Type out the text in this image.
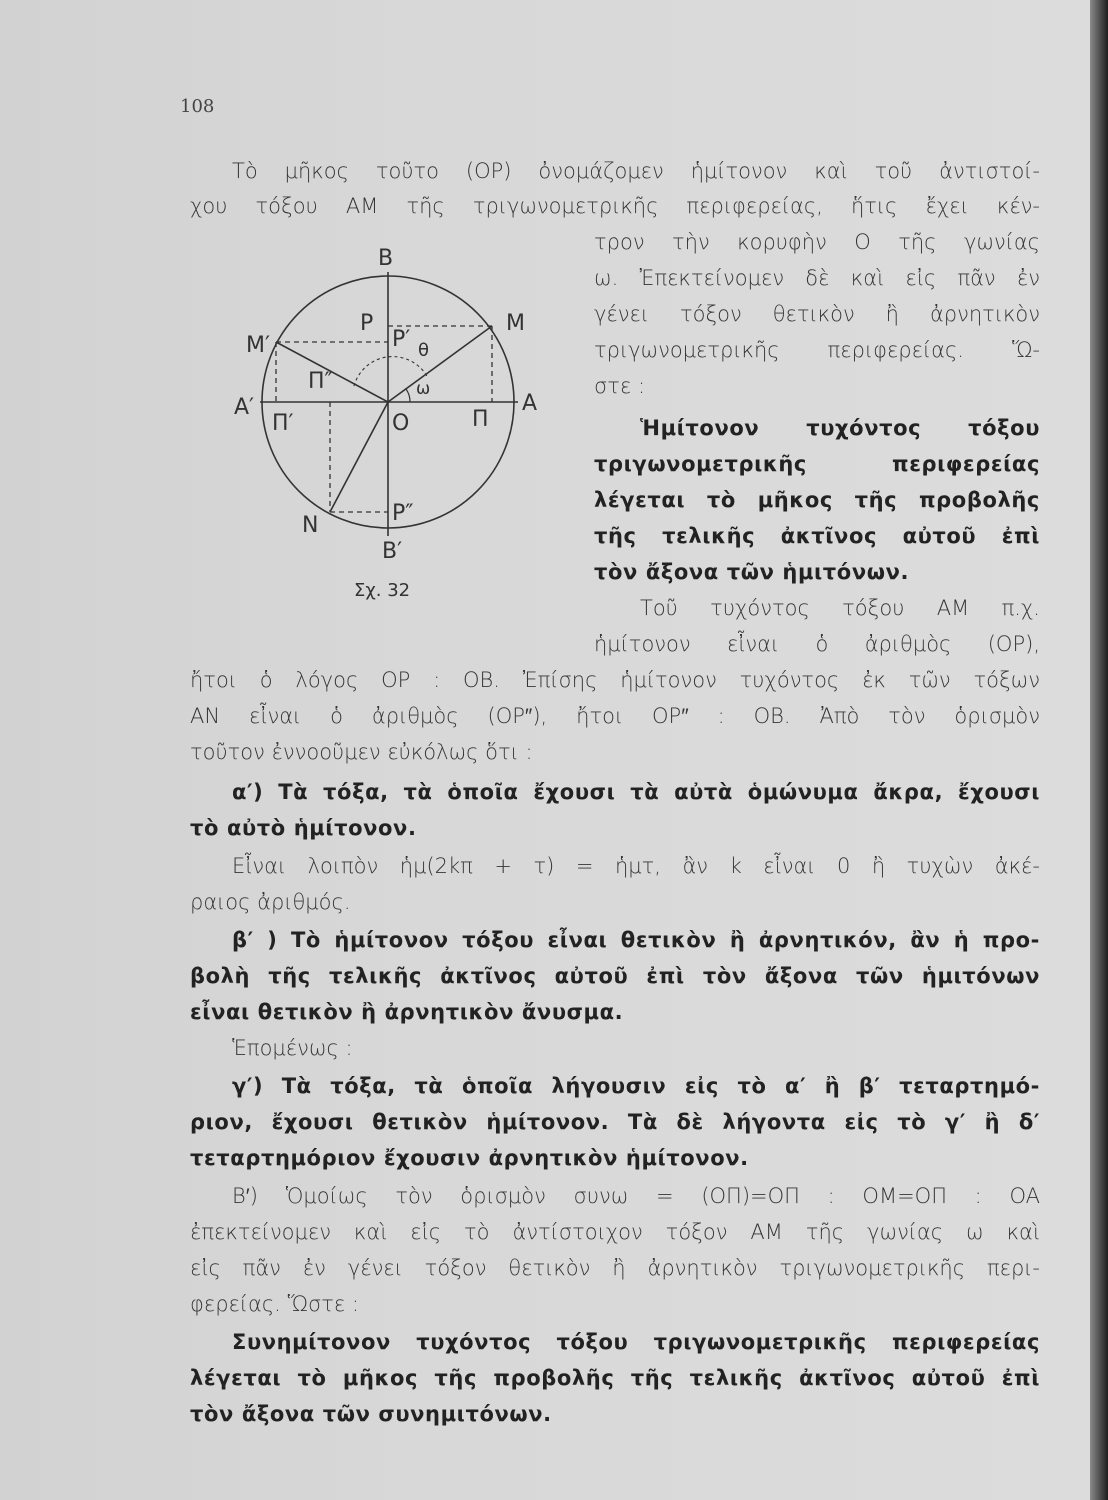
108
Τὸ μῆκος τοῦτο (OP) ὀνομάζομεν ἡμίτονον καὶ τοῦ ἀντιστοί-
χου τόξου ΑΜ τῆς τριγωνομετρικῆς περιφερείας, ἥτις ἔχει κέν-
τρον τὴν κορυφὴν O τῆς γωνίας
ω. Ἐπεκτείνομεν δὲ καὶ εἰς πᾶν ἐν
γένει τόξον θετικὸν ἢ ἀρνητικὸν
τριγωνομετρικῆς περιφερείας. Ὥ-
στε :
Ἡμίτονον τυχόντος τόξου
τριγωνομετρικῆς περιφερείας
λέγεται τὸ μῆκος τῆς προβολῆς
τῆς τελικῆς ἀκτῖνος αὐτοῦ ἐπὶ
τὸν ἄξονα τῶν ἡμιτόνων.
Τοῦ τυχόντος τόξου ΑΜ π.χ.
ἡμίτονον εἶναι ὁ ἀριθμὸς (OP),
ἤτοι ὁ λόγος OP : OB. Ἐπίσης ἡμίτονον τυχόντος ἐκ τῶν τόξων
ΑΝ εἶναι ὁ ἀριθμὸς (OP″), ἤτοι OP″ : OB. Ἀπὸ τὸν ὁρισμὸν
τοῦτον ἐννοοῦμεν εὐκόλως ὅτι :
α′) Τὰ τόξα, τὰ ὁποῖα ἔχουσι τὰ αὐτὰ ὁμώνυμα ἄκρα, ἔχουσι
τὸ αὐτὸ ἡμίτονον.
Εἶναι λοιπὸν ἡμ(2kπ + τ) = ἡμτ, ἂν k εἶναι 0 ἢ τυχὼν ἀκέ-
ραιος ἀριθμός.
β′ ) Τὸ ἡμίτονον τόξου εἶναι θετικὸν ἢ ἀρνητικόν, ἂν ἡ προ-
βολὴ τῆς τελικῆς ἀκτῖνος αὐτοῦ ἐπὶ τὸν ἄξονα τῶν ἡμιτόνων
εἶναι θετικὸν ἢ ἀρνητικὸν ἄνυσμα.
Ἑπομένως :
γ′) Τὰ τόξα, τὰ ὁποῖα λήγουσιν εἰς τὸ α′ ἢ β′ τεταρτημό-
ριον, ἔχουσι θετικὸν ἡμίτονον. Τὰ δὲ λήγοντα εἰς τὸ γ′ ἢ δ′
τεταρτημόριον ἔχουσιν ἀρνητικὸν ἡμίτονον.
Β′) Ὁμοίως τὸν ὁρισμὸν συνω = (OΠ)=OΠ : OM=OΠ : OA
ἐπεκτείνομεν καὶ εἰς τὸ ἀντίστοιχον τόξον ΑΜ τῆς γωνίας ω καὶ
εἰς πᾶν ἐν γένει τόξον θετικὸν ἢ ἀρνητικὸν τριγωνομετρικῆς περι-
φερείας. Ὥστε :
Συνημίτονον τυχόντος τόξου τριγωνομετρικῆς περιφερείας
λέγεται τὸ μῆκος τῆς προβολῆς τῆς τελικῆς ἀκτῖνος αὐτοῦ ἐπὶ
τὸν ἄξονα τῶν συνημιτόνων.
B
B′
M
M′
A
A′
N
O
P
P′ θ
ω
P″
Π
Π′
Π″
Σχ. 32
